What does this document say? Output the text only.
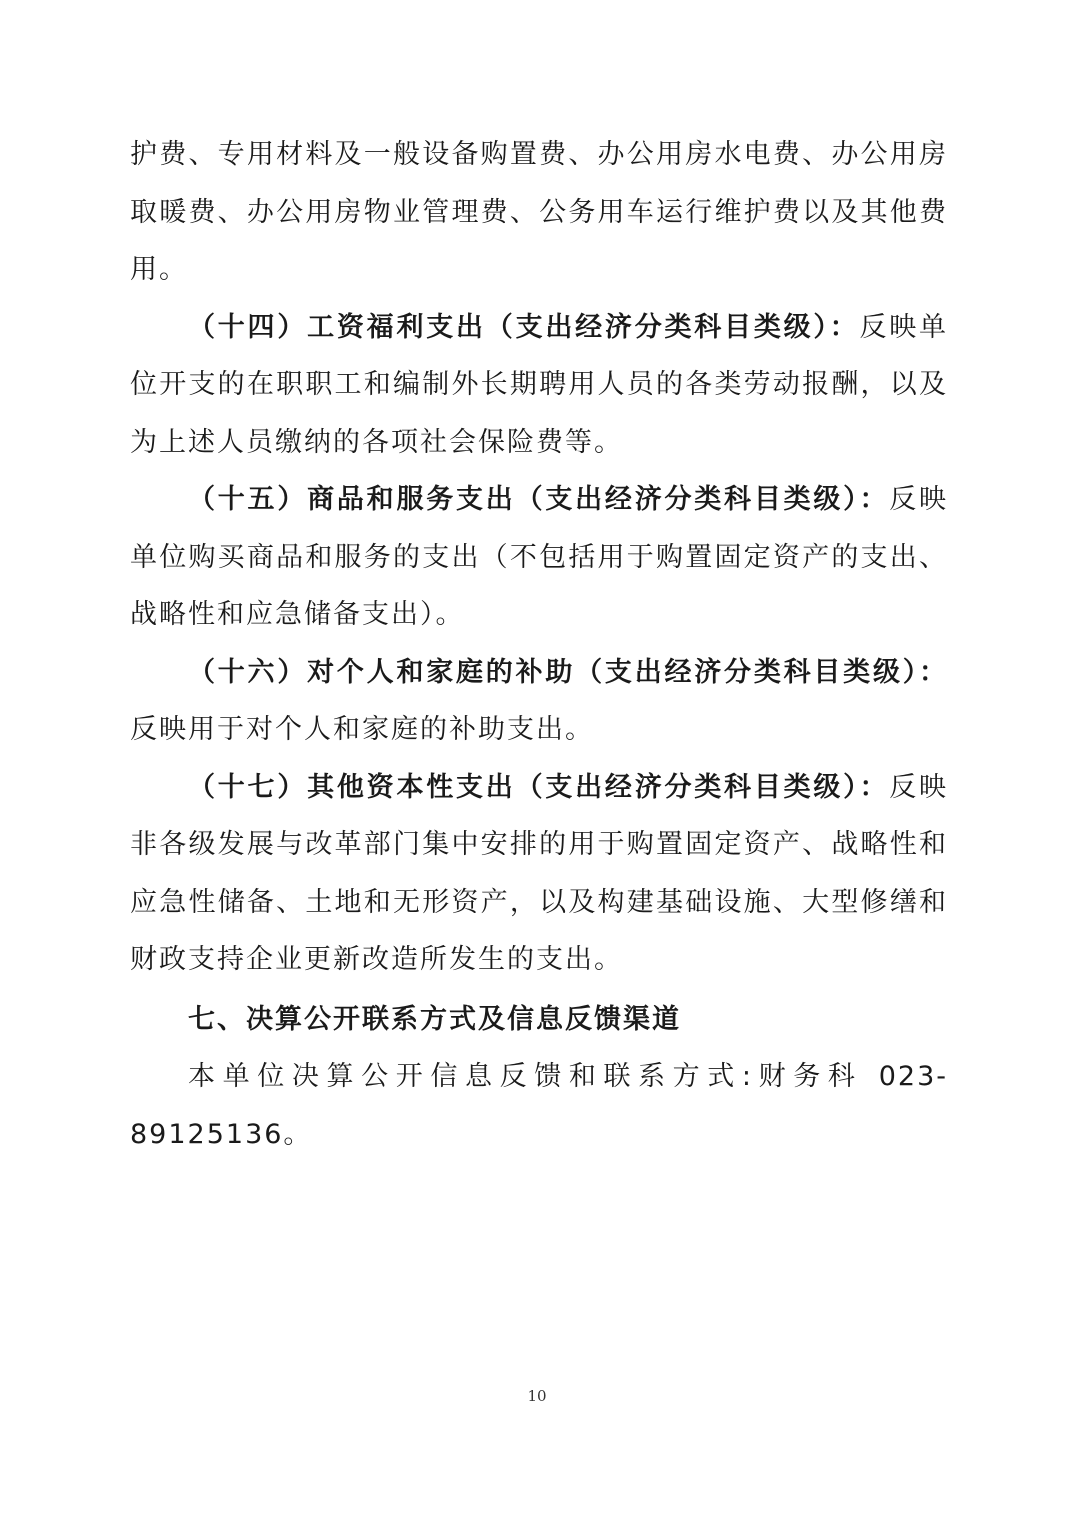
护费、专用材料及一般设备购置费、办公用房水电费、办公用房取暖费、办公用房物业管理费、公务用车运行维护费以及其他费用。

（十四）工资福利支出（支出经济分类科目类级）：反映单位开支的在职职工和编制外长期聘用人员的各类劳动报酬，以及为上述人员缴纳的各项社会保险费等。

（十五）商品和服务支出（支出经济分类科目类级）：反映单位购买商品和服务的支出（不包括用于购置固定资产的支出、战略性和应急储备支出）。

（十六）对个人和家庭的补助（支出经济分类科目类级）：反映用于对个人和家庭的补助支出。

（十七）其他资本性支出（支出经济分类科目类级）：反映非各级发展与改革部门集中安排的用于购置固定资产、战略性和应急性储备、土地和无形资产，以及构建基础设施、大型修缮和财政支持企业更新改造所发生的支出。

七、决算公开联系方式及信息反馈渠道

本单位决算公开信息反馈和联系方式:财务科 023-89125136。

10
